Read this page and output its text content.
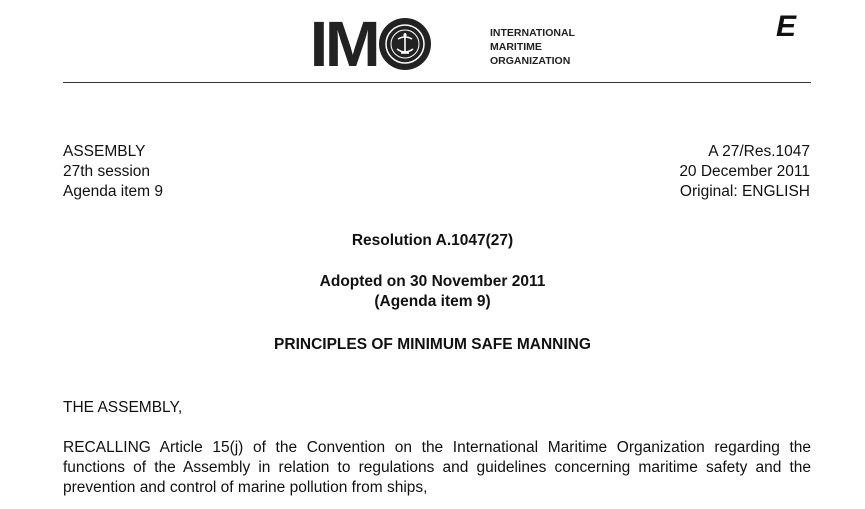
I
M	INTERNATIONAL
MARITIME
ORGANIZATION
E
ASSEMBLY
27th session
Agenda item 9
A 27/Res.1047
20 December 2011
Original: ENGLISH
Resolution A.1047(27)
Adopted on 30 November 2011
(Agenda item 9)
PRINCIPLES OF MINIMUM SAFE MANNING
THE ASSEMBLY,
RECALLING Article 15(j) of the Convention on the International Maritime Organization regarding the functions of the Assembly in relation to regulations and guidelines concerning maritime safety and the prevention and control of marine pollution from ships,
